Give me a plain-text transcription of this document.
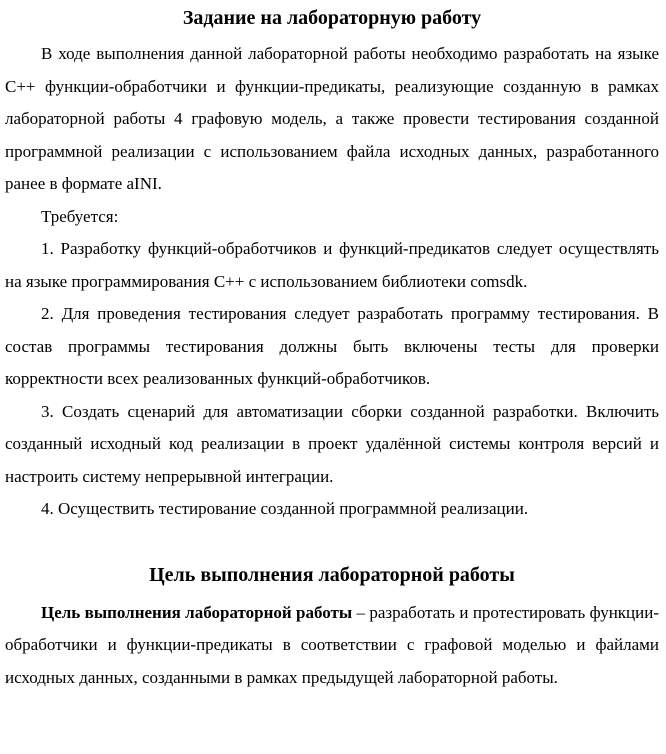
Задание на лабораторную работу

В ходе выполнения данной лабораторной работы необходимо разработать на языке C++ функции-обработчики и функции-предикаты, реализующие созданную в рамках лабораторной работы 4 графовую модель, а также провести тестирования созданной программной реализации с использованием файла исходных данных, разработанного ранее в формате aINI.

Требуется:

1. Разработку функций-обработчиков и функций-предикатов следует осуществлять на языке программирования C++ с использованием библиотеки comsdk.

2. Для проведения тестирования следует разработать программу тестирования. В состав программы тестирования должны быть включены тесты для проверки корректности всех реализованных функций-обработчиков.

3. Создать сценарий для автоматизации сборки созданной разработки. Включить созданный исходный код реализации в проект удалённой системы контроля версий и настроить систему непрерывной интеграции.

4. Осуществить тестирование созданной программной реализации.

Цель выполнения лабораторной работы

Цель выполнения лабораторной работы – разработать и протестировать функции-обработчики и функции-предикаты в соответствии с графовой моделью и файлами исходных данных, созданными в рамках предыдущей лабораторной работы.
